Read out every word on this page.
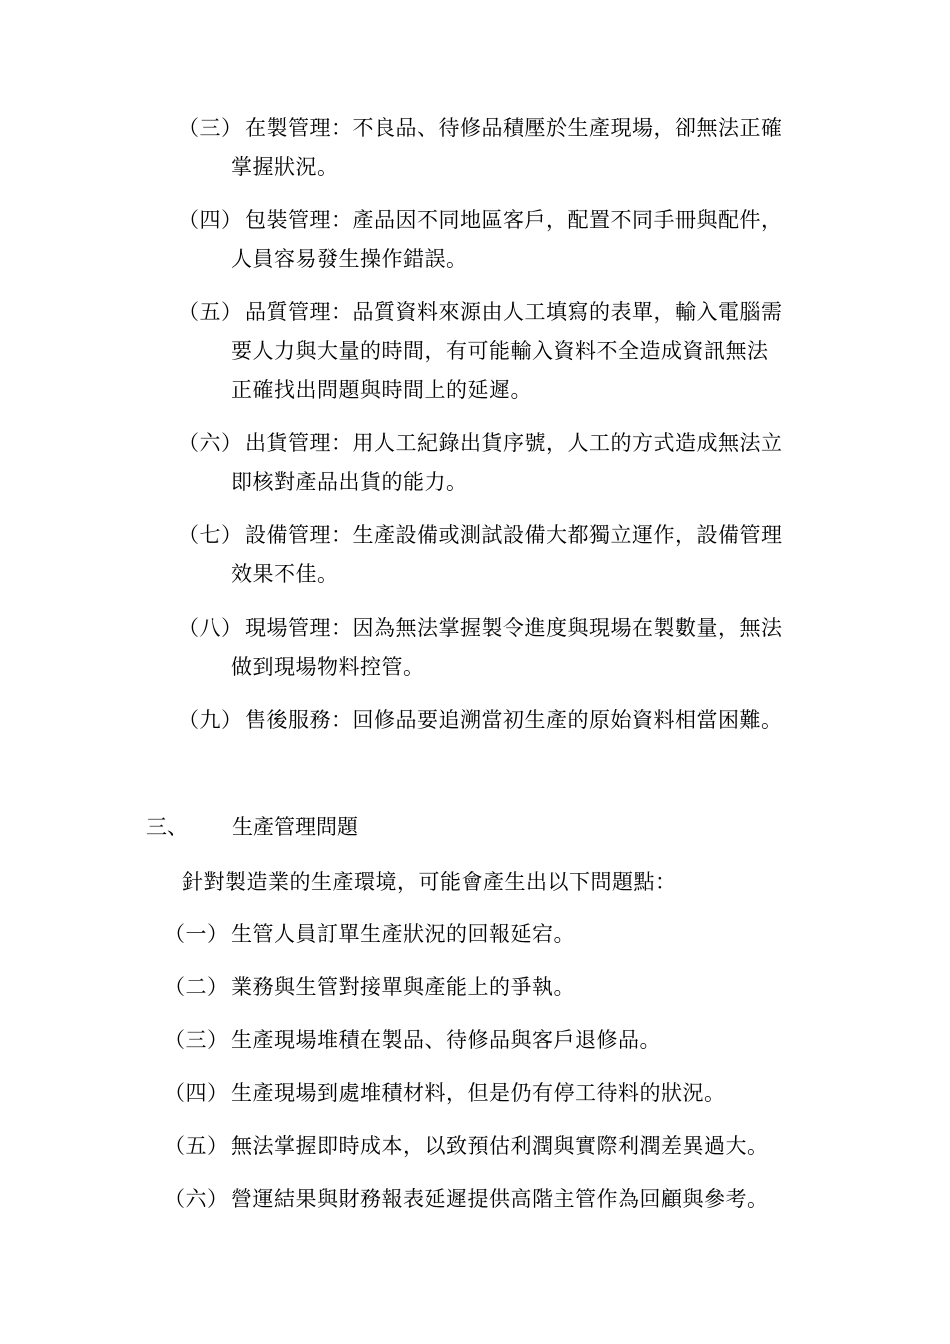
（三） 在製管理：不良品、待修品積壓於生產現場，卻無法正確
掌握狀況。
（四） 包裝管理：產品因不同地區客戶，配置不同手冊與配件，
人員容易發生操作錯誤。
（五） 品質管理：品質資料來源由人工填寫的表單，輸入電腦需
要人力與大量的時間，有可能輸入資料不全造成資訊無法
正確找出問題與時間上的延遲。
（六） 出貨管理：用人工紀錄出貨序號，人工的方式造成無法立
即核對產品出貨的能力。
（七） 設備管理：生產設備或測試設備大都獨立運作，設備管理
效果不佳。
（八） 現場管理：因為無法掌握製令進度與現場在製數量，無法
做到現場物料控管。
（九） 售後服務：回修品要追溯當初生產的原始資料相當困難。
三、 生產管理問題
針對製造業的生產環境，可能會產生出以下問題點：
（一） 生管人員訂單生產狀況的回報延宕。
（二） 業務與生管對接單與產能上的爭執。
（三） 生產現場堆積在製品、待修品與客戶退修品。
（四） 生產現場到處堆積材料，但是仍有停工待料的狀況。
（五） 無法掌握即時成本，以致預估利潤與實際利潤差異過大。
（六） 營運結果與財務報表延遲提供高階主管作為回顧與參考。
